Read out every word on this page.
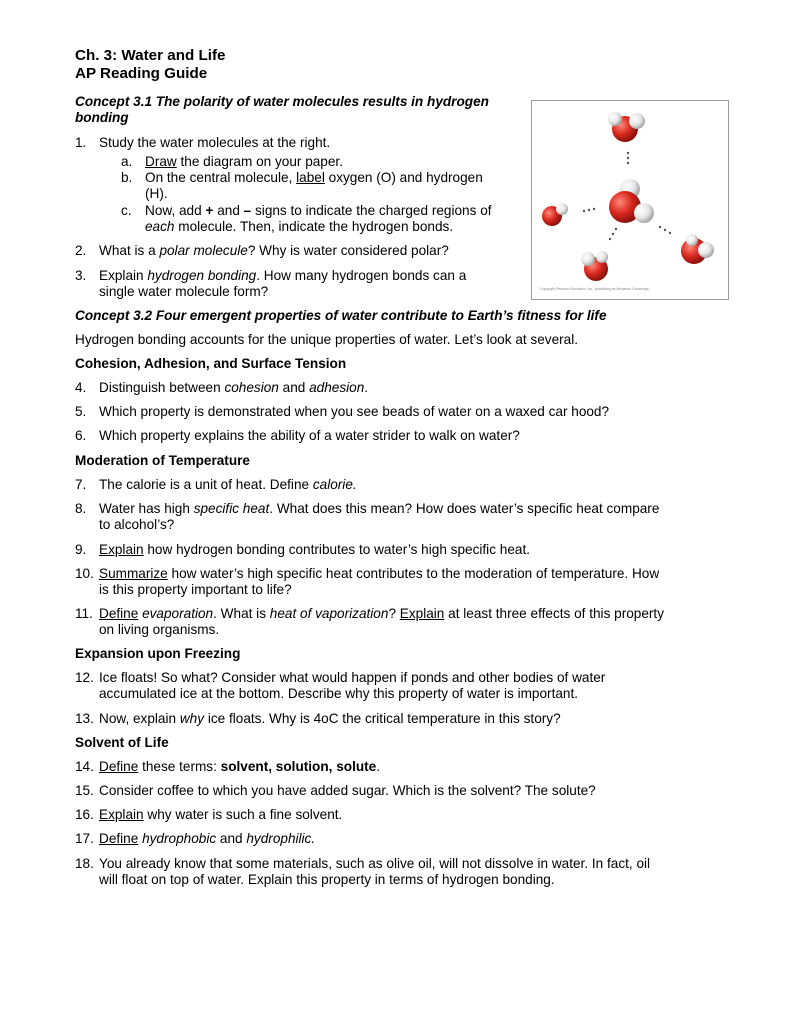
Ch. 3: Water and Life
AP Reading Guide
Concept 3.1 The polarity of water molecules results in hydrogen
bonding
1. Study the water molecules at the right.
a. Draw the diagram on your paper.
b. On the central molecule, label oxygen (O) and hydrogen
(H).
c. Now, add + and – signs to indicate the charged regions of
each molecule. Then, indicate the hydrogen bonds.
2. What is a polar molecule? Why is water considered polar?
3. Explain hydrogen bonding. How many hydrogen bonds can a
single water molecule form?	Copyright Pearson Education, Inc., publishing as Benjamin Cummings.
Concept 3.2 Four emergent properties of water contribute to Earth’s fitness for life
Hydrogen bonding accounts for the unique properties of water. Let’s look at several.
Cohesion, Adhesion, and Surface Tension
4. Distinguish between cohesion and adhesion.
5. Which property is demonstrated when you see beads of water on a waxed car hood?
6. Which property explains the ability of a water strider to walk on water?
Moderation of Temperature
7. The calorie is a unit of heat. Define calorie.
8. Water has high specific heat. What does this mean? How does water’s specific heat compare
to alcohol’s?
9. Explain how hydrogen bonding contributes to water’s high specific heat.
10. Summarize how water’s high specific heat contributes to the moderation of temperature. How
is this property important to life?
11. Define evaporation. What is heat of vaporization? Explain at least three effects of this property
on living organisms.
Expansion upon Freezing
12. Ice floats! So what? Consider what would happen if ponds and other bodies of water
accumulated ice at the bottom. Describe why this property of water is important.
13. Now, explain why ice floats. Why is 4oC the critical temperature in this story?
Solvent of Life
14. Define these terms: solvent, solution, solute.
15. Consider coffee to which you have added sugar. Which is the solvent? The solute?
16. Explain why water is such a fine solvent.
17. Define hydrophobic and hydrophilic.
18. You already know that some materials, such as olive oil, will not dissolve in water. In fact, oil
will float on top of water. Explain this property in terms of hydrogen bonding.
